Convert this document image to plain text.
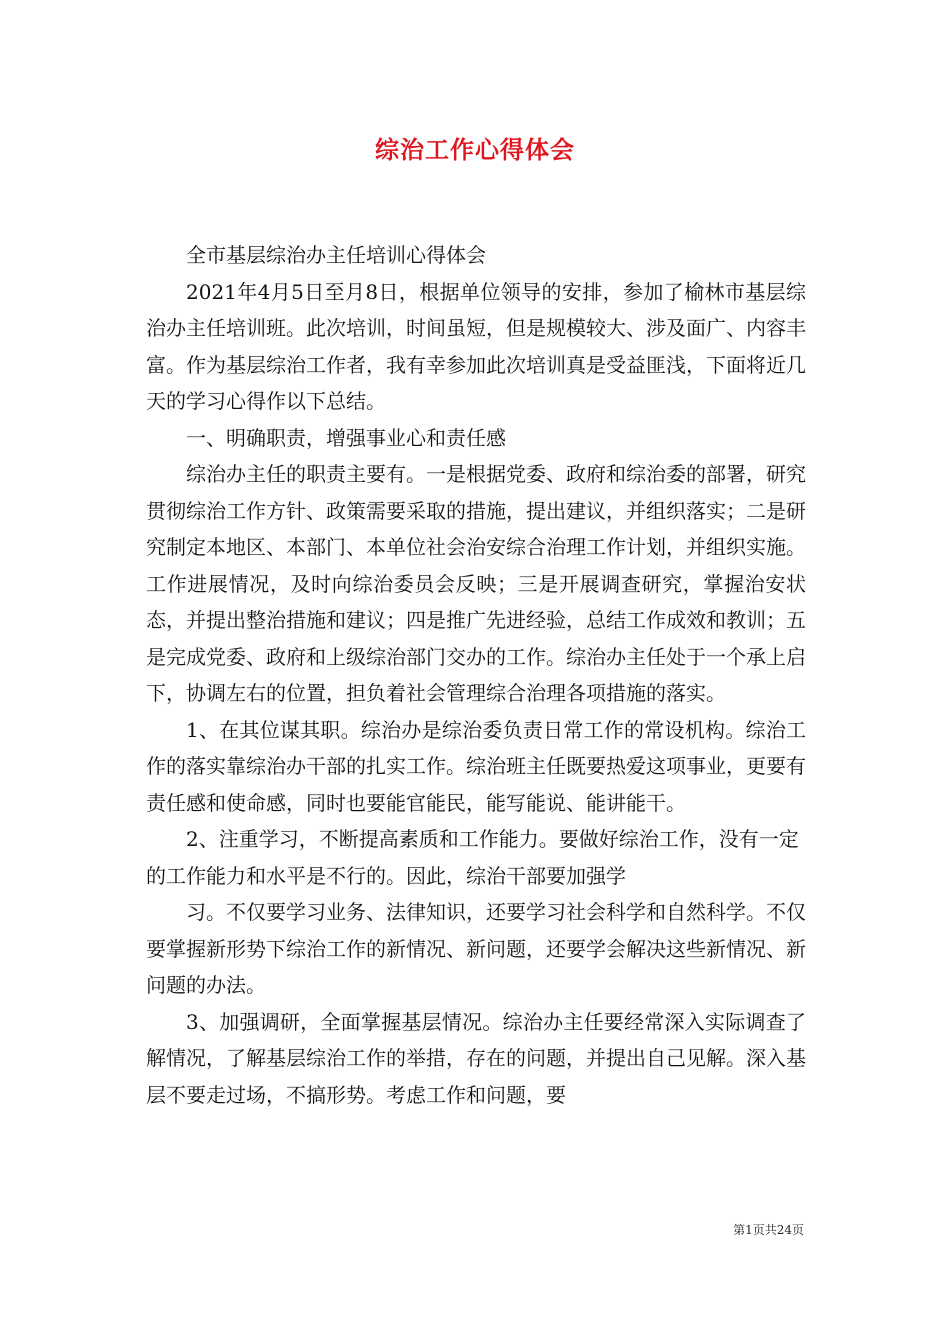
综治工作心得体会

全市基层综治办主任培训心得体会

2021年4月5日至月8日，根据单位领导的安排，参加了榆林市基层综治办主任培训班。此次培训，时间虽短，但是规模较大、涉及面广、内容丰富。作为基层综治工作者，我有幸参加此次培训真是受益匪浅，下面将近几天的学习心得作以下总结。

一、明确职责，增强事业心和责任感

综治办主任的职责主要有。一是根据党委、政府和综治委的部署，研究贯彻综治工作方针、政策需要采取的措施，提出建议，并组织落实；二是研究制定本地区、本部门、本单位社会治安综合治理工作计划，并组织实施。工作进展情况，及时向综治委员会反映；三是开展调查研究，掌握治安状态，并提出整治措施和建议；四是推广先进经验，总结工作成效和教训；五是完成党委、政府和上级综治部门交办的工作。综治办主任处于一个承上启下，协调左右的位置，担负着社会管理综合治理各项措施的落实。

1、在其位谋其职。综治办是综治委负责日常工作的常设机构。综治工作的落实靠综治办干部的扎实工作。综治班主任既要热爱这项事业，更要有责任感和使命感，同时也要能官能民，能写能说、能讲能干。

2、注重学习，不断提高素质和工作能力。要做好综治工作，没有一定的工作能力和水平是不行的。因此，综治干部要加强学

习。不仅要学习业务、法律知识，还要学习社会科学和自然科学。不仅要掌握新形势下综治工作的新情况、新问题，还要学会解决这些新情况、新问题的办法。

3、加强调研，全面掌握基层情况。综治办主任要经常深入实际调查了解情况，了解基层综治工作的举措，存在的问题，并提出自己见解。深入基层不要走过场，不搞形势。考虑工作和问题，要

第1页共24页
